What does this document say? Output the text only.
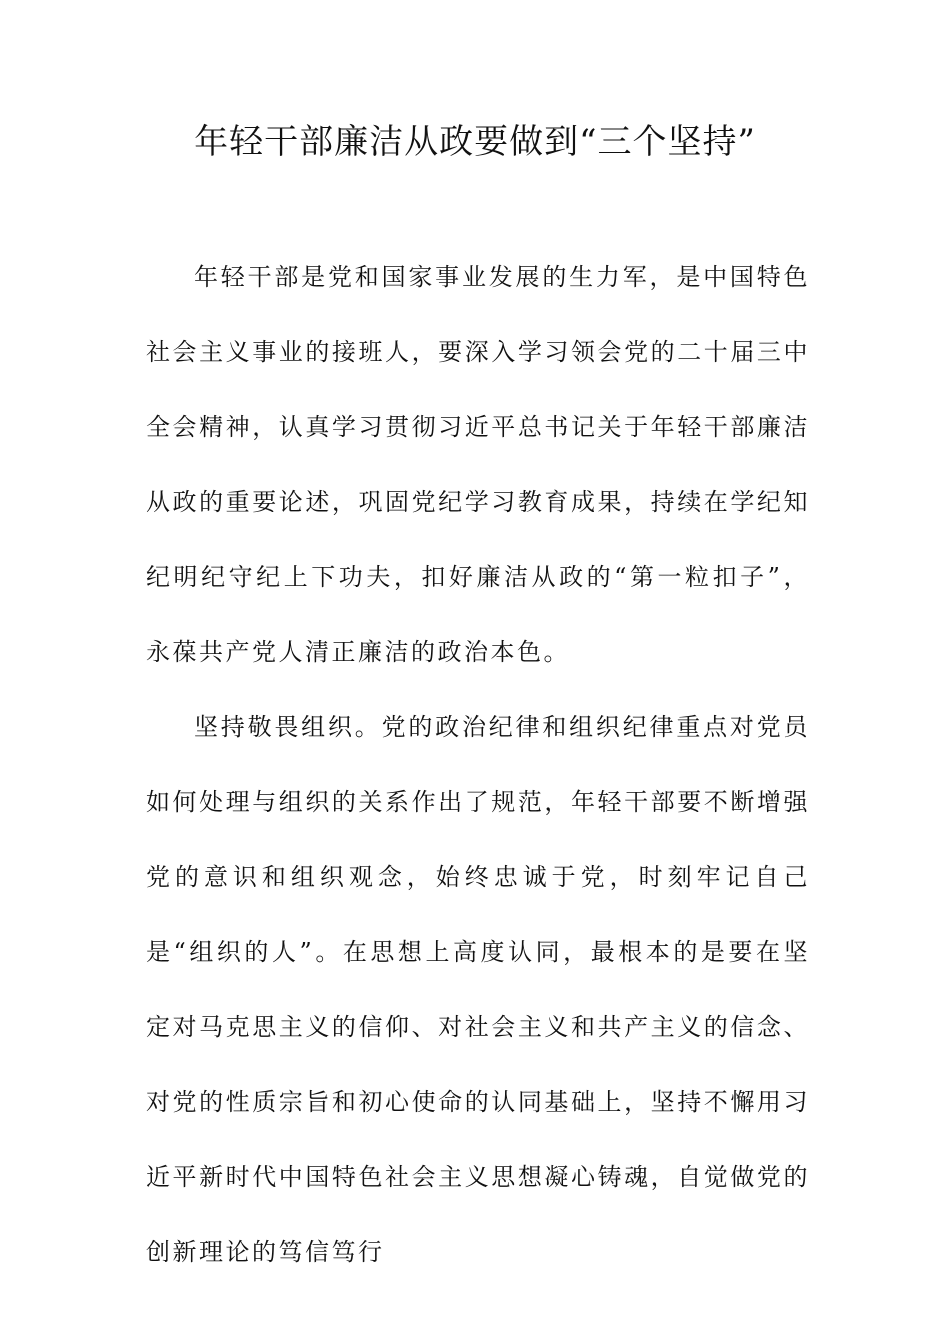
年轻干部廉洁从政要做到“三个坚持”

年轻干部是党和国家事业发展的生力军，是中国特色社会主义事业的接班人，要深入学习领会党的二十届三中全会精神，认真学习贯彻习近平总书记关于年轻干部廉洁从政的重要论述，巩固党纪学习教育成果，持续在学纪知纪明纪守纪上下功夫，扣好廉洁从政的“第一粒扣子”，永葆共产党人清正廉洁的政治本色。

坚持敬畏组织。党的政治纪律和组织纪律重点对党员如何处理与组织的关系作出了规范，年轻干部要不断增强党的意识和组织观念，始终忠诚于党，时刻牢记自己是“组织的人”。在思想上高度认同，最根本的是要在坚定对马克思主义的信仰、对社会主义和共产主义的信念、对党的性质宗旨和初心使命的认同基础上，坚持不懈用习近平新时代中国特色社会主义思想凝心铸魂，自觉做党的创新理论的笃信笃行
